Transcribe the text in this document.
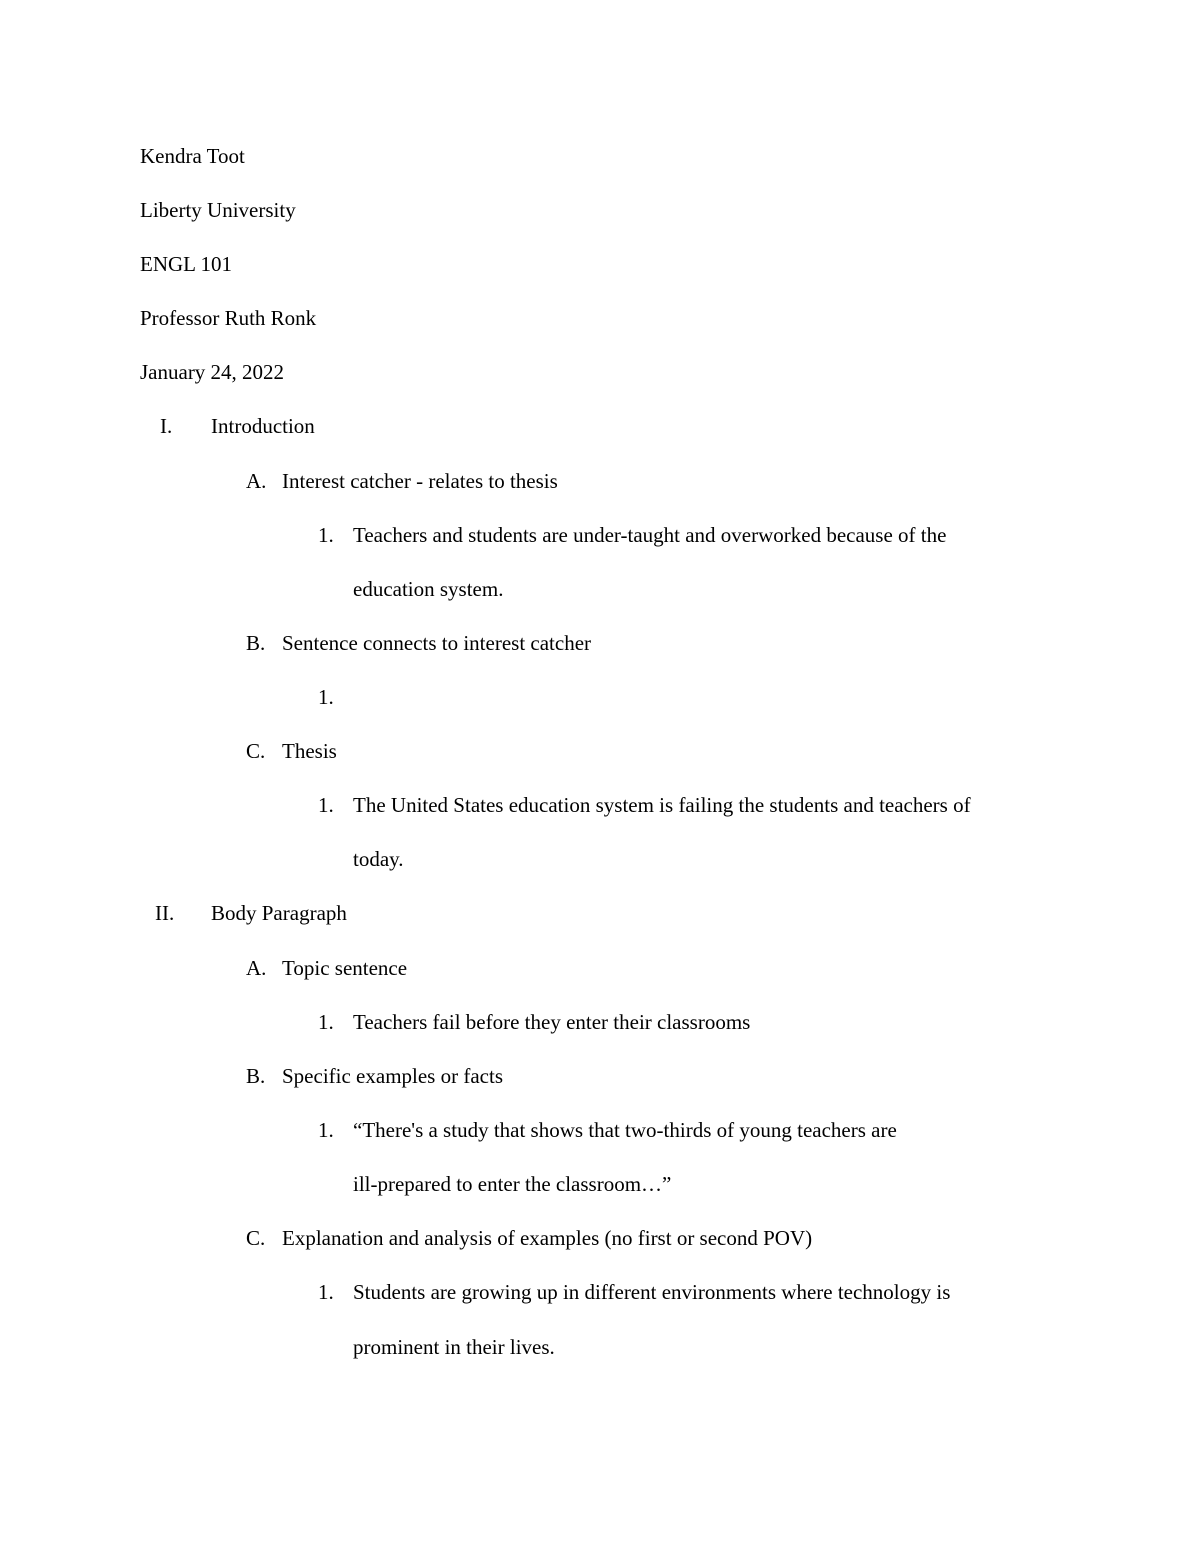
Kendra Toot
Liberty University
ENGL 101
Professor Ruth Ronk
January 24, 2022
I. Introduction
A. Interest catcher - relates to thesis
1. Teachers and students are under-taught and overworked because of the
education system.
B. Sentence connects to interest catcher
1.
C. Thesis
1. The United States education system is failing the students and teachers of
today.
II. Body Paragraph
A. Topic sentence
1. Teachers fail before they enter their classrooms
B. Specific examples or facts
1. “There's a study that shows that two-thirds of young teachers are
ill-prepared to enter the classroom…”
C. Explanation and analysis of examples (no first or second POV)
1. Students are growing up in different environments where technology is
prominent in their lives.
